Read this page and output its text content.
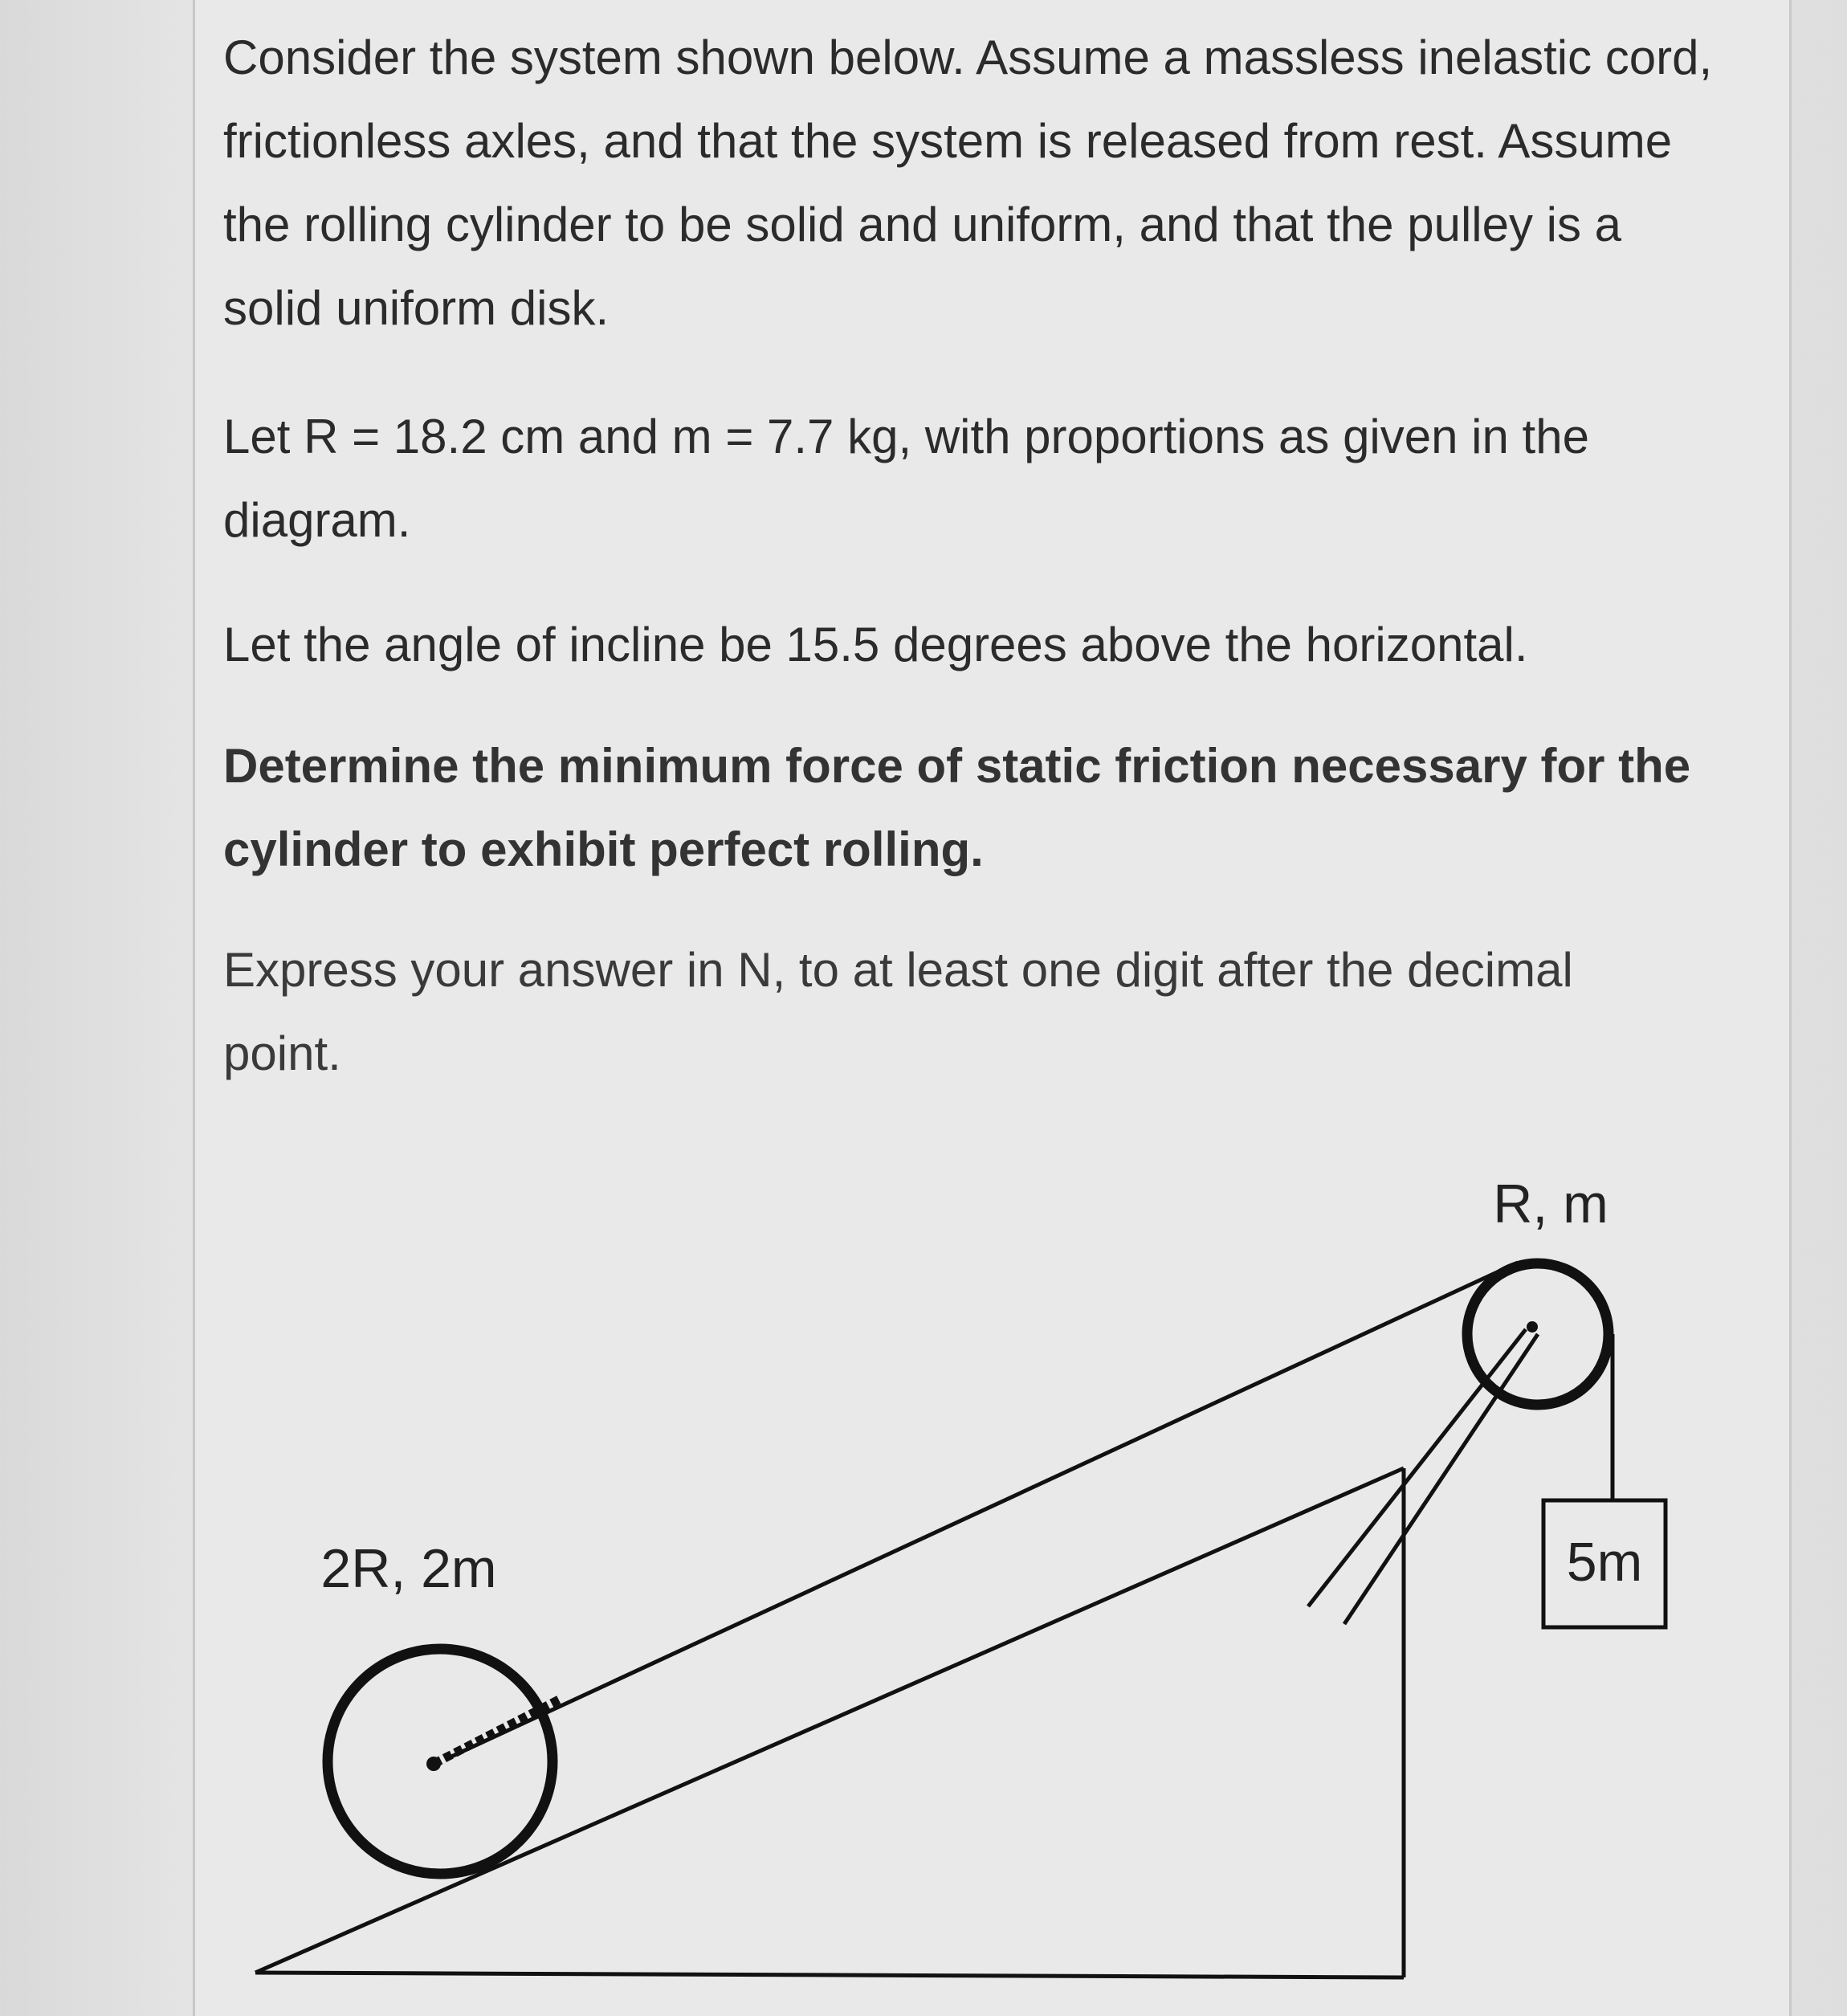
Consider the system shown below. Assume a massless inelastic cord, frictionless axles, and that the system is released from rest. Assume the rolling cylinder to be solid and uniform, and that the pulley is a solid uniform disk.

Let R = 18.2 cm and m = 7.7 kg, with proportions as given in the diagram.

Let the angle of incline be 15.5 degrees above the horizontal.

Determine the minimum force of static friction necessary for the cylinder to exhibit perfect rolling.

Express your answer in N, to at least one digit after the decimal point.

R, m
2R, 2m	5m
